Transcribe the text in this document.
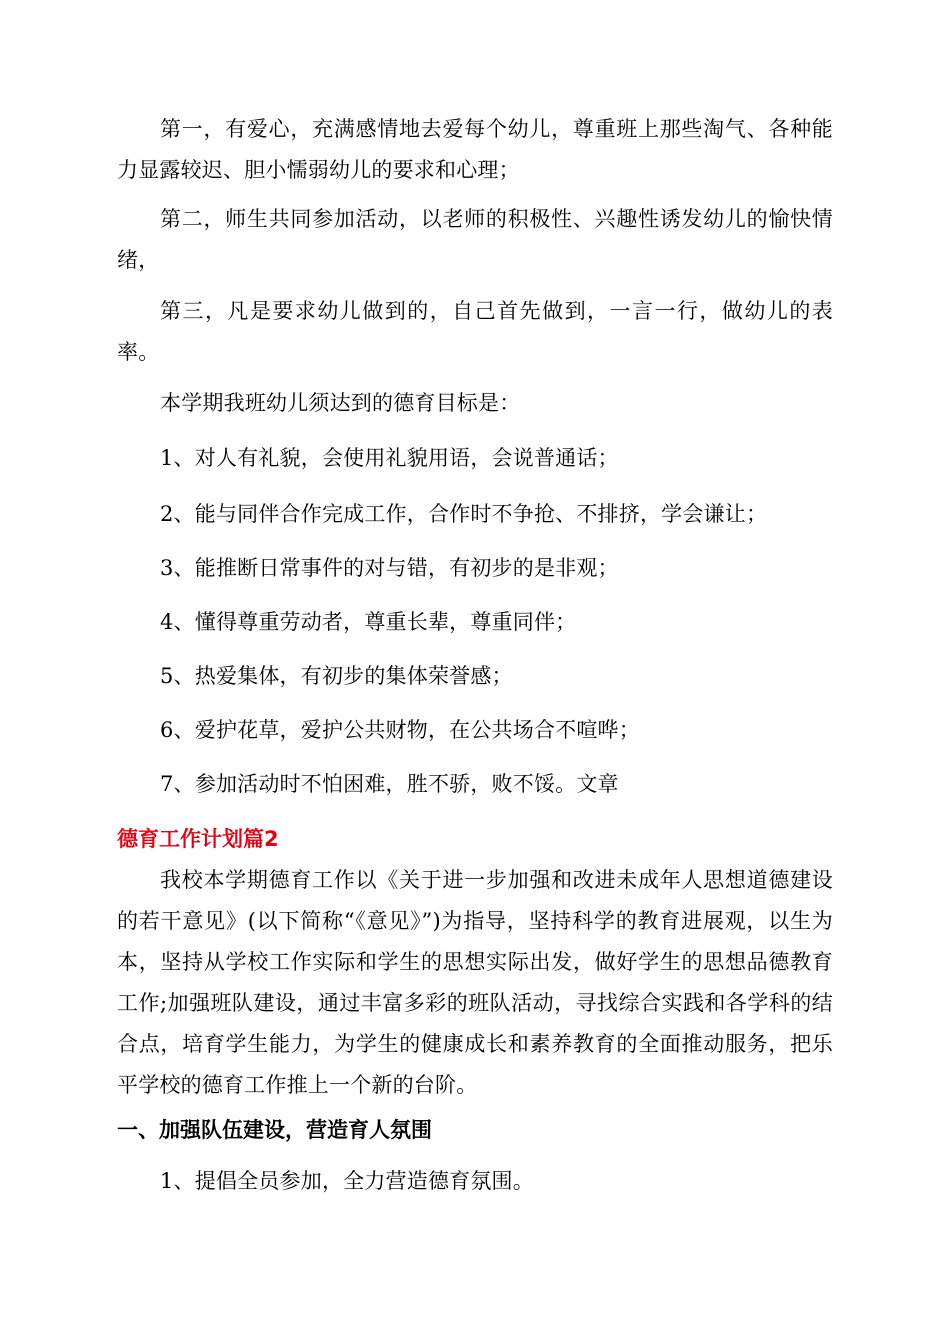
第一，有爱心，充满感情地去爱每个幼儿，尊重班上那些淘气、各种能力显露较迟、胆小懦弱幼儿的要求和心理；
第二，师生共同参加活动，以老师的积极性、兴趣性诱发幼儿的愉快情绪，
第三，凡是要求幼儿做到的，自己首先做到，一言一行，做幼儿的表率。
本学期我班幼儿须达到的德育目标是：
1、对人有礼貌，会使用礼貌用语，会说普通话；
2、能与同伴合作完成工作，合作时不争抢、不排挤，学会谦让；
3、能推断日常事件的对与错，有初步的是非观；
4、懂得尊重劳动者，尊重长辈，尊重同伴；
5、热爱集体，有初步的集体荣誉感；
6、爱护花草，爱护公共财物，在公共场合不喧哗；
7、参加活动时不怕困难，胜不骄，败不馁。文章
德育工作计划篇2
我校本学期德育工作以《关于进一步加强和改进未成年人思想道德建设的若干意见》(以下简称“《意见》”)为指导，坚持科学的教育进展观，以生为本，坚持从学校工作实际和学生的思想实际出发，做好学生的思想品德教育工作;加强班队建设，通过丰富多彩的班队活动，寻找综合实践和各学科的结合点，培育学生能力，为学生的健康成长和素养教育的全面推动服务，把乐平学校的德育工作推上一个新的台阶。
一、加强队伍建设，营造育人氛围
1、提倡全员参加，全力营造德育氛围。
